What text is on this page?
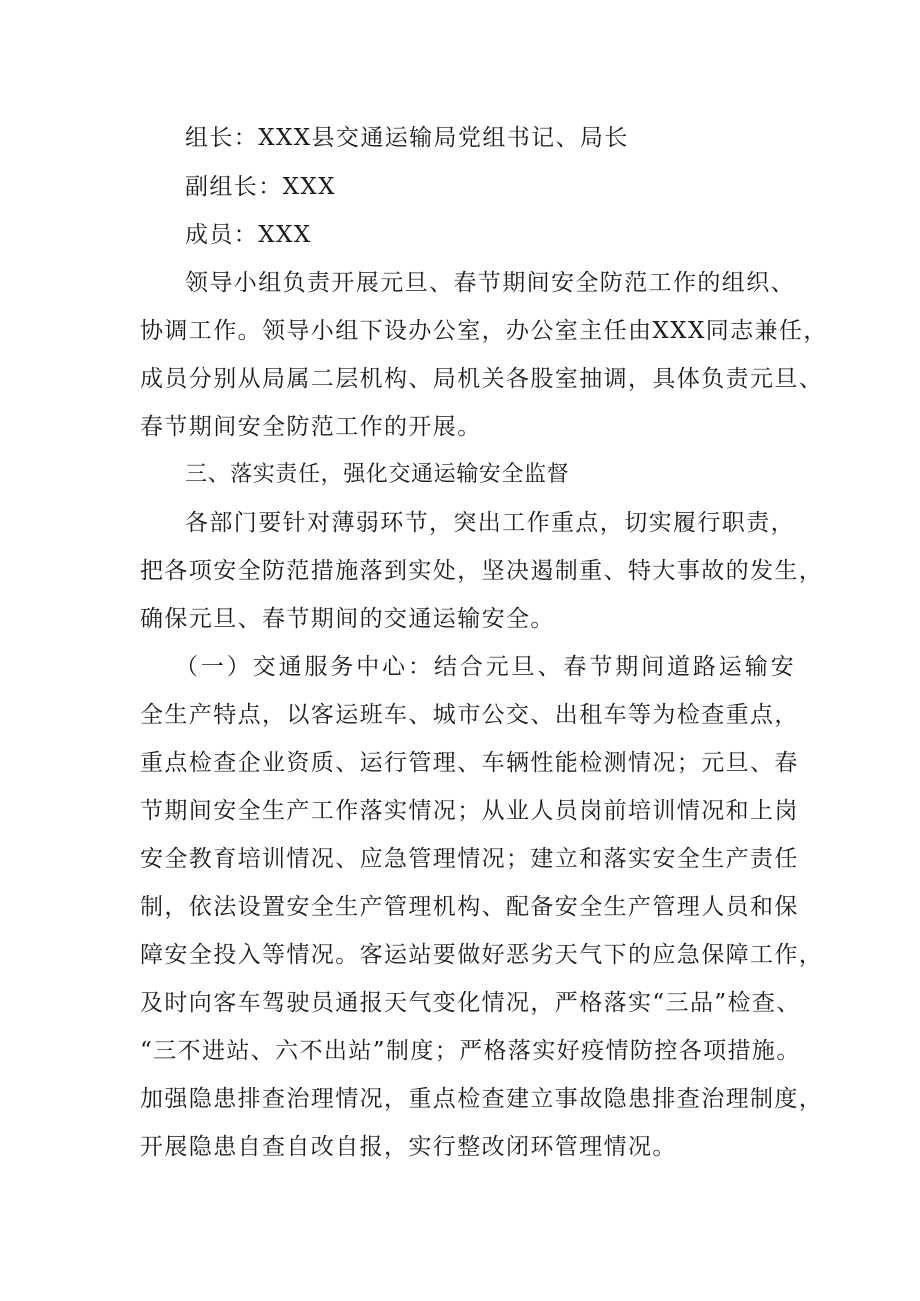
组长：XXX县交通运输局党组书记、局长
副组长：XXX
成员：XXX
领导小组负责开展元旦、春节期间安全防范工作的组织、
协调工作。领导小组下设办公室，办公室主任由XXX同志兼任，
成员分别从局属二层机构、局机关各股室抽调，具体负责元旦、
春节期间安全防范工作的开展。
三、落实责任，强化交通运输安全监督
各部门要针对薄弱环节，突出工作重点，切实履行职责，
把各项安全防范措施落到实处，坚决遏制重、特大事故的发生，
确保元旦、春节期间的交通运输安全。
（一）交通服务中心：结合元旦、春节期间道路运输安
全生产特点，以客运班车、城市公交、出租车等为检查重点，
重点检查企业资质、运行管理、车辆性能检测情况；元旦、春
节期间安全生产工作落实情况；从业人员岗前培训情况和上岗
安全教育培训情况、应急管理情况；建立和落实安全生产责任
制，依法设置安全生产管理机构、配备安全生产管理人员和保
障安全投入等情况。客运站要做好恶劣天气下的应急保障工作，
及时向客车驾驶员通报天气变化情况，严格落实“三品”检查、
“三不进站、六不出站”制度；严格落实好疫情防控各项措施。
加强隐患排查治理情况，重点检查建立事故隐患排查治理制度，
开展隐患自查自改自报，实行整改闭环管理情况。
